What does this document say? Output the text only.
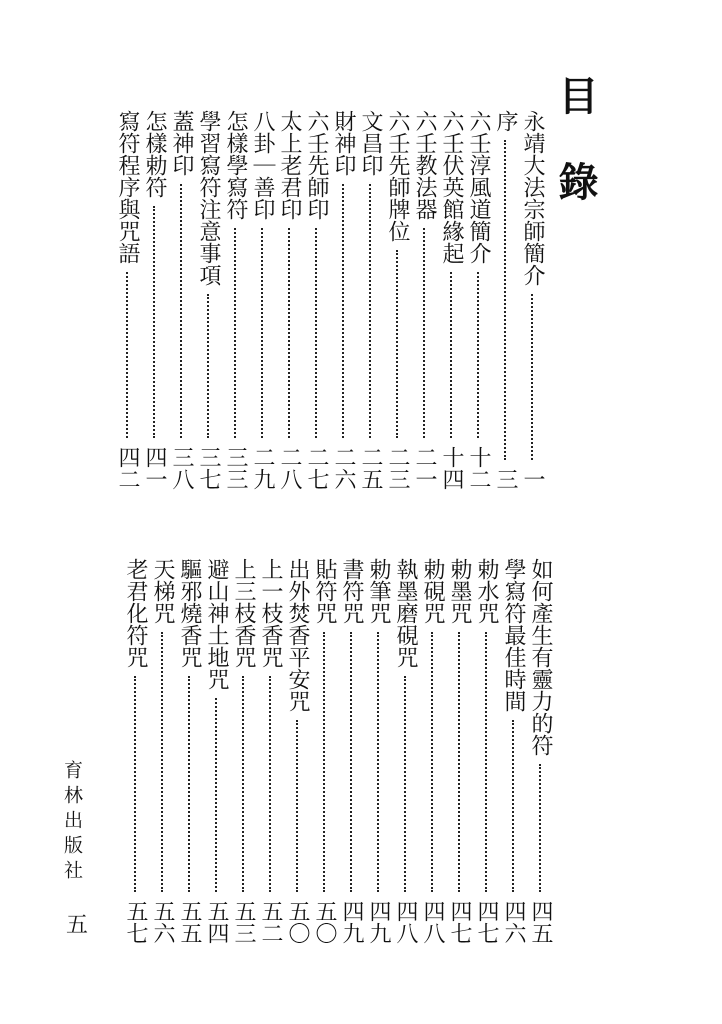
目錄
永靖大法宗師簡介
一
序
三
六壬淳風道簡介
十二
六壬伏英館緣起
十四
六壬教法器
二一
六壬先師牌位
二三
文昌印
二五
財神印
二六
六壬先師印
二七
太上老君印
二八
八卦｜善印
二九
怎樣學寫符
三三
學習寫符注意事項
三七
蓋神印
三八
怎樣勅符
四一
寫符程序與咒語
四二
如何產生有靈力的符
四五
學寫符最佳時間
四六
勅水咒
四七
勅墨咒
四七
勅硯咒
四八
執墨磨硯咒
四八
勅筆咒
四九
書符咒
四九
貼符咒
五〇
出外焚香平安咒
五〇
上一枝香咒
五二
上三枝香咒
五三
避山神土地咒
五四
驅邪燒香咒
五五
天梯咒
五六
老君化符咒
五七
育林出版社
五
